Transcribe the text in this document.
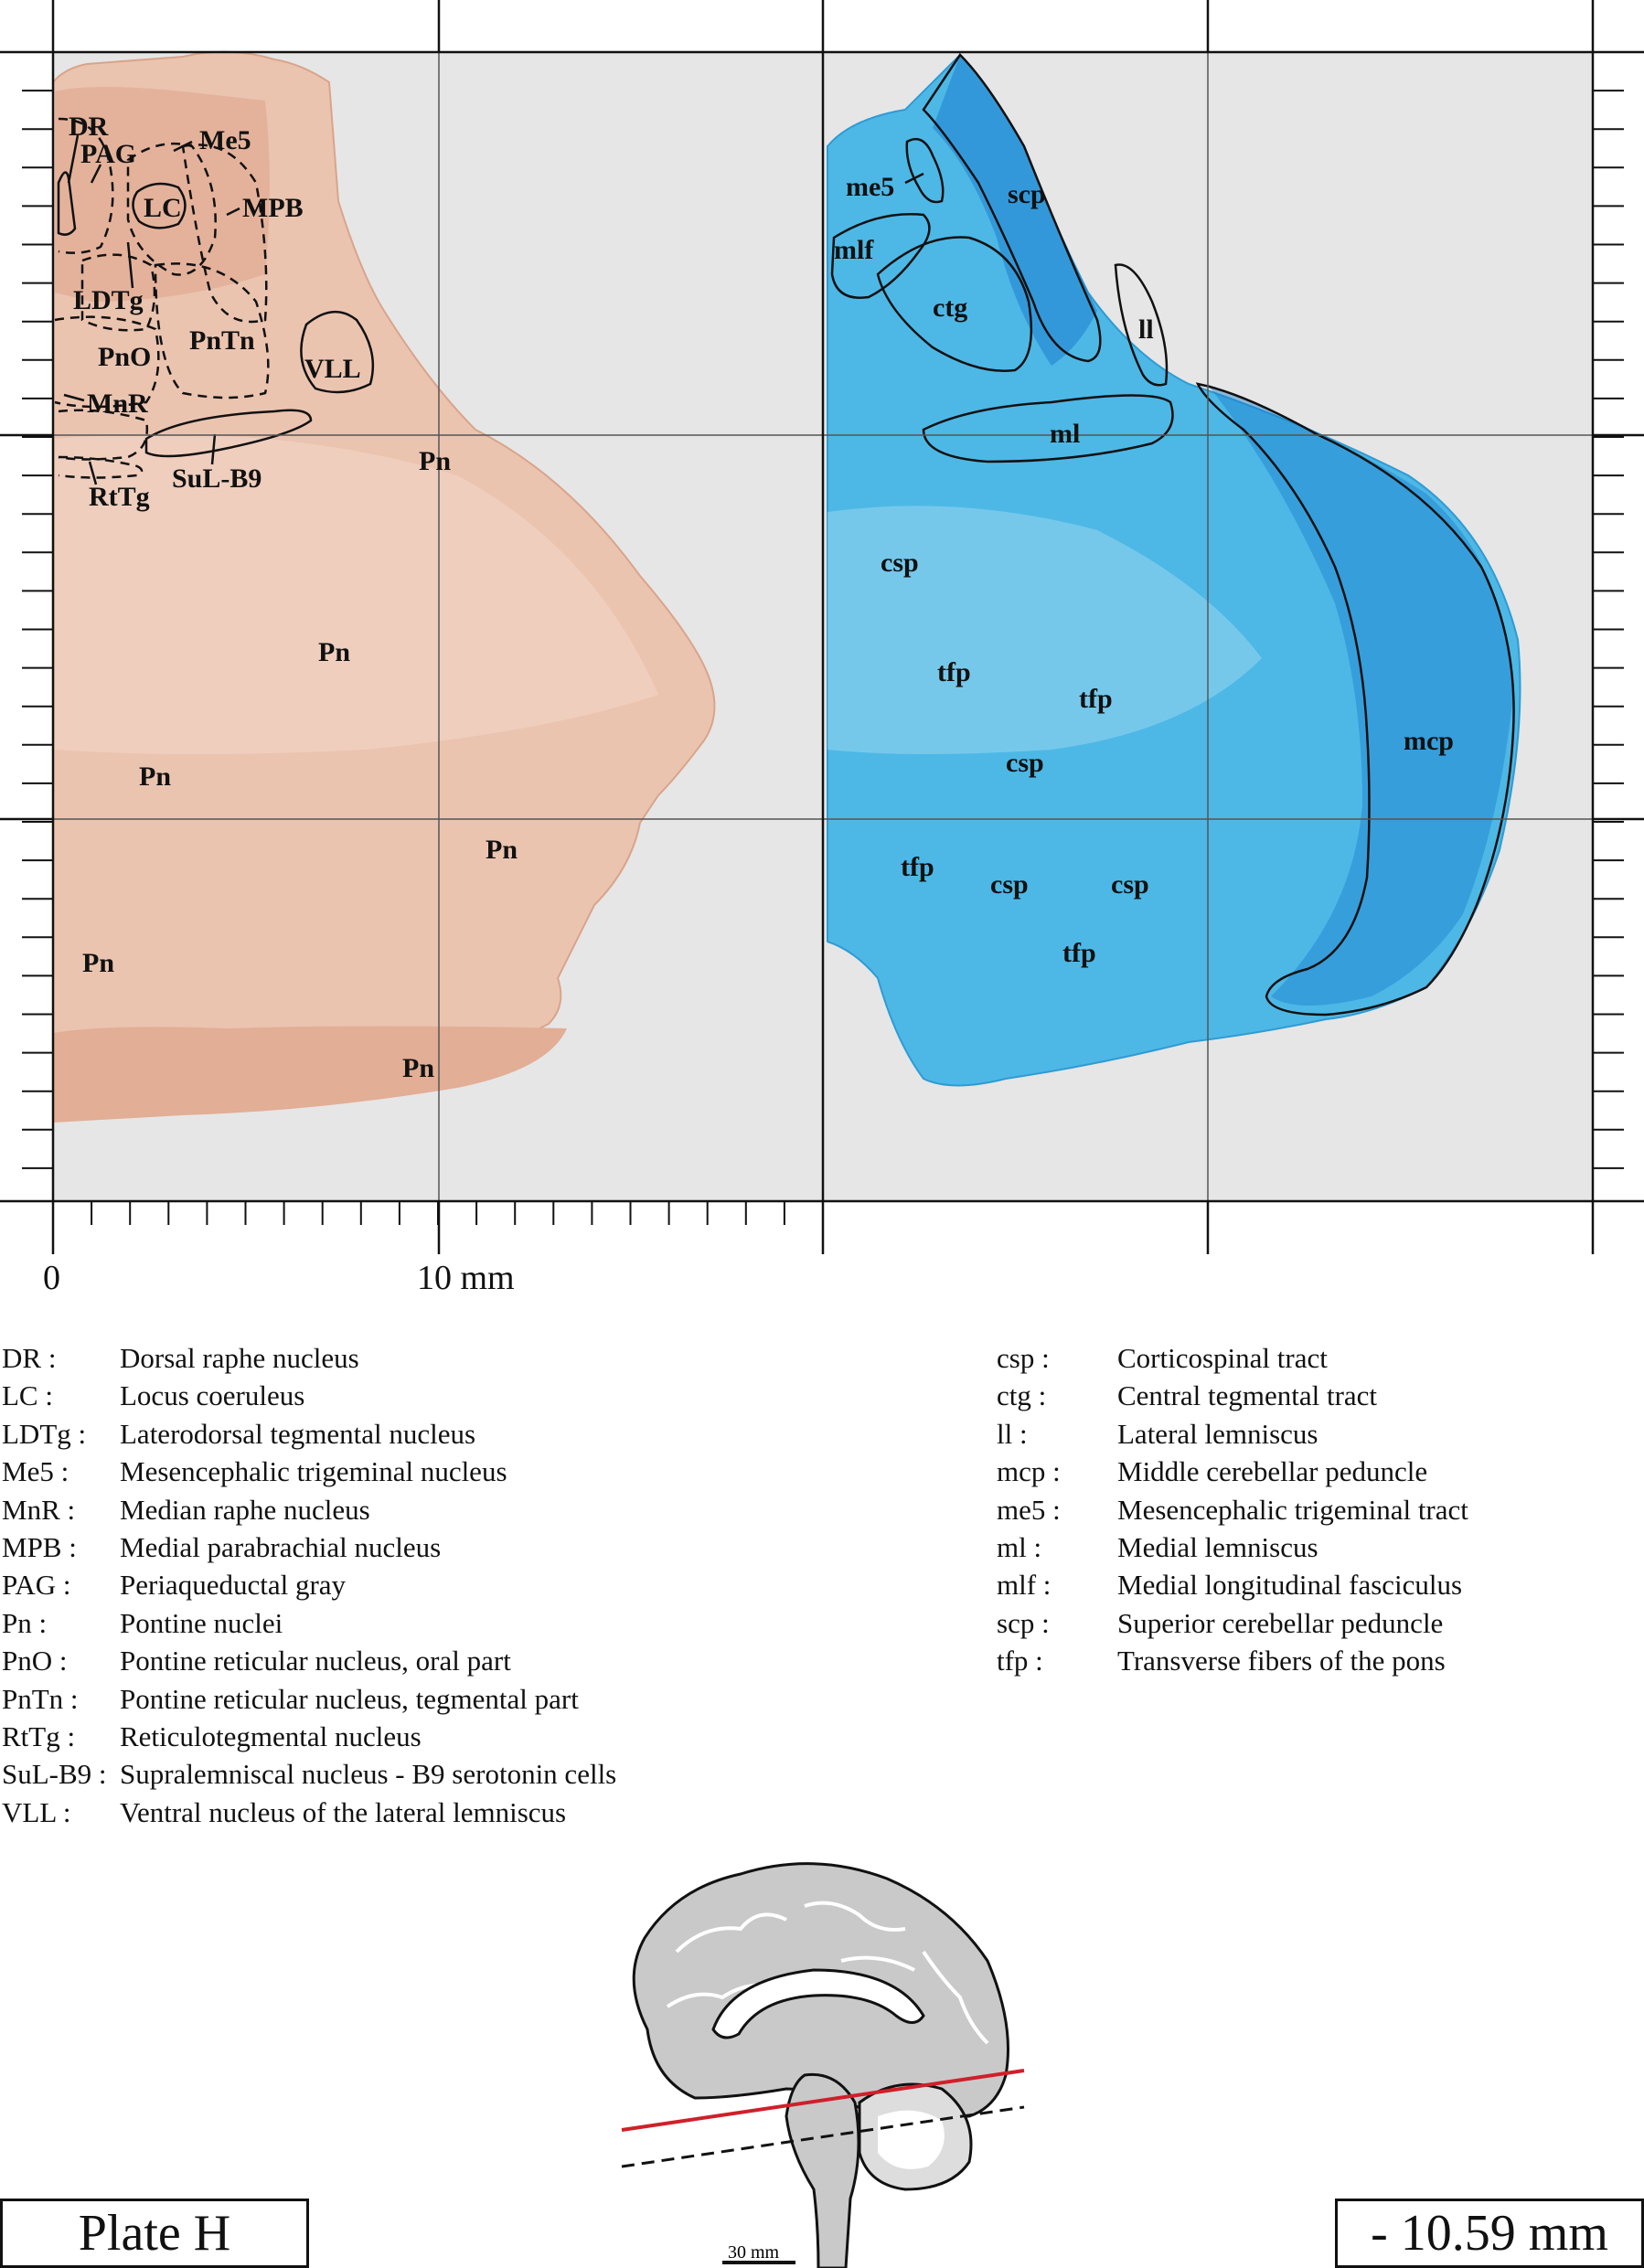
DR
PAG Me5
LC MPB
LDTg
PnO
PnTn
VLL
MnR
SuL-B9
RtTg
Pn
Pn
Pn
Pn
Pn
Pn
me5	scp
mlf
ctg
ll
ml
csp
tfp
tfp
csp
mcp
tfp
csp	csp
tfp
0	10 mm
DR :	Dorsal raphe nucleus
LC :	Locus coeruleus
LDTg :	Laterodorsal tegmental nucleus
Me5 :	Mesencephalic trigeminal nucleus
MnR :	Median raphe nucleus
MPB :	Medial parabrachial nucleus
PAG :	Periaqueductal gray
Pn :	Pontine nuclei
PnO :	Pontine reticular nucleus, oral part
PnTn :	Pontine reticular nucleus, tegmental part
RtTg :	Reticulotegmental nucleus
SuL-B9 : Supralemniscal nucleus - B9 serotonin cells
VLL :	Ventral nucleus of the lateral lemniscus
csp :	Corticospinal tract
ctg :	Central tegmental tract
ll :	Lateral lemniscus
mcp :	Middle cerebellar peduncle
me5 :	Mesencephalic trigeminal tract
ml :	Medial lemniscus
mlf :	Medial longitudinal fasciculus
scp :	Superior cerebellar peduncle
tfp :	Transverse fibers of the pons
30 mm
Plate H	- 10.59 mm
